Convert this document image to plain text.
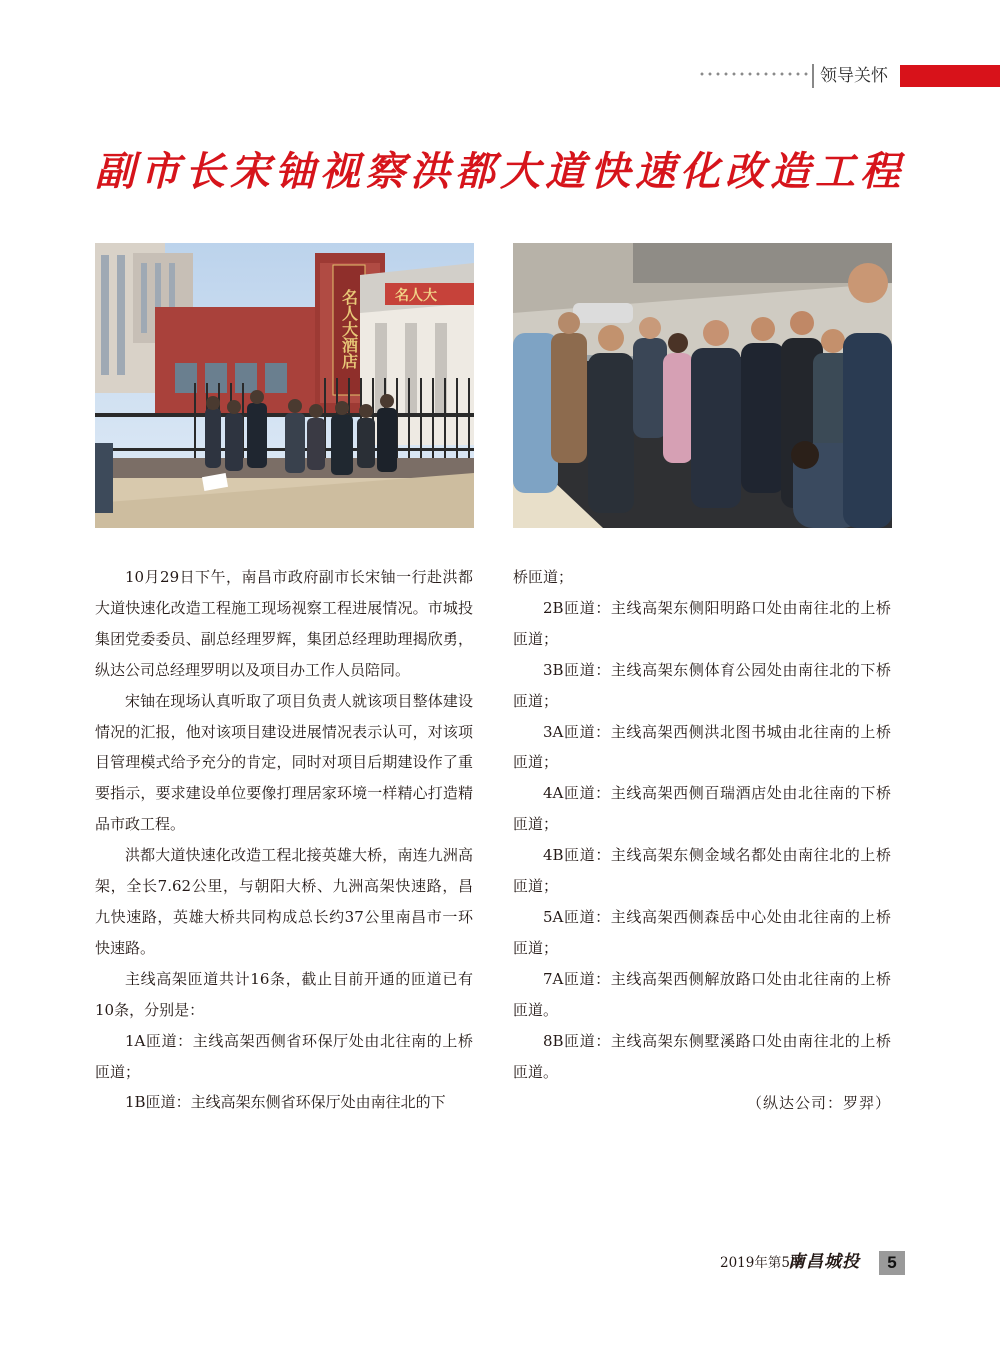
领导关怀
副市长宋铀视察洪都大道快速化改造工程
名人大酒店	名人大

10月29日下午，南昌市政府副市长宋铀一行赴洪都大道快速化改造工程施工现场视察工程进展情况。市城投集团党委委员、副总经理罗辉，集团总经理助理揭欣勇，纵达公司总经理罗明以及项目办工作人员陪同。

宋铀在现场认真听取了项目负责人就该项目整体建设情况的汇报，他对该项目建设进展情况表示认可，对该项目管理模式给予充分的肯定，同时对项目后期建设作了重要指示，要求建设单位要像打理居家环境一样精心打造精品市政工程。

洪都大道快速化改造工程北接英雄大桥，南连九洲高架，全长7.62公里，与朝阳大桥、九洲高架快速路，昌九快速路，英雄大桥共同构成总长约37公里南昌市一环快速路。

主线高架匝道共计16条，截止目前开通的匝道已有10条，分别是：

1A匝道：主线高架西侧省环保厅处由北往南的上桥匝道；

1B匝道：主线高架东侧省环保厅处由南往北的下

桥匝道；

2B匝道：主线高架东侧阳明路口处由南往北的上桥匝道；

3B匝道：主线高架东侧体育公园处由南往北的下桥匝道；

3A匝道：主线高架西侧洪北图书城由北往南的上桥匝道；

4A匝道：主线高架西侧百瑞酒店处由北往南的下桥匝道；

4B匝道：主线高架东侧金域名都处由南往北的上桥匝道；

5A匝道：主线高架西侧森岳中心处由北往南的上桥匝道；

7A匝道：主线高架西侧解放路口处由北往南的上桥匝道。

8B匝道：主线高架东侧墅溪路口处由南往北的上桥匝道。

（纵达公司：罗羿）

2019年第5期
南昌城投	5
